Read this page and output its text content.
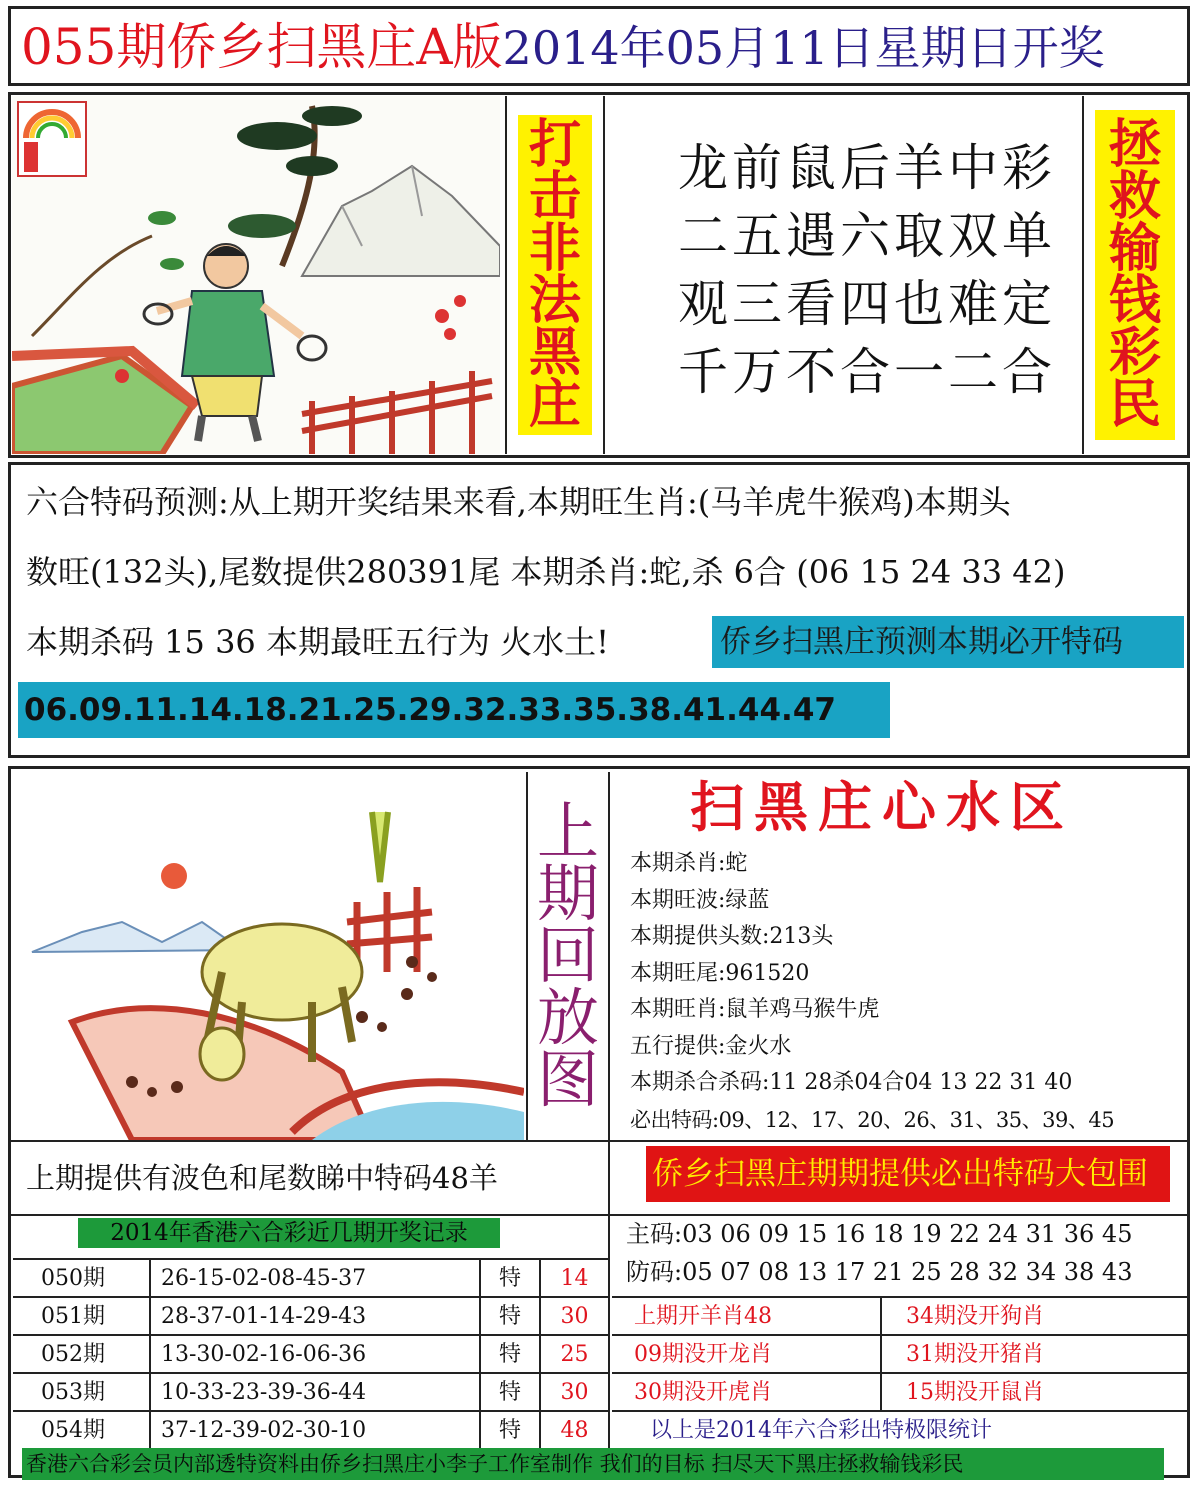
055期侨乡扫黑庄A版2014年05月11日星期日开奖
打
击
非
法
黑
庄
龙前鼠后羊中彩
二五遇六取双单
观三看四也难定
千万不合一二合
拯
救
输
钱
彩
民
六合特码预测:从上期开奖结果来看,本期旺生肖:(马羊虎牛猴鸡)本期头
数旺(132头),尾数提供280391尾 本期杀肖:蛇,杀 6合 (06 15 24 33 42)
本期杀码 15 36 本期最旺五行为 火水土!	侨乡扫黑庄预测本期必开特码
06.09.11.14.18.21.25.29.32.33.35.38.41.44.47
上
期
回
放
图
扫黑庄心水区
本期杀肖:蛇
本期旺波:绿蓝
本期提供头数:213头
本期旺尾:961520
本期旺肖:鼠羊鸡马猴牛虎
五行提供:金火水
本期杀合杀码:11 28杀04合04 13 22 31 40
必出特码:09、12、17、20、26、31、35、39、45
上期提供有波色和尾数睇中特码48羊	侨乡扫黑庄期期提供必出特码大包围
2014年香港六合彩近几期开奖记录
050期	26-15-02-08-45-37	特	14
051期	28-37-01-14-29-43	特	30
052期	13-30-02-16-06-36	特	25
053期	10-33-23-39-36-44	特	30
054期	37-12-39-02-30-10	特	48
主码:03 06 09 15 16 18 19 22 24 31 36 45
防码:05 07 08 13 17 21 25 28 32 34 38 43
上期开羊肖48	34期没开狗肖
09期没开龙肖	31期没开猪肖
30期没开虎肖	15期没开鼠肖
以上是2014年六合彩出特极限统计
香港六合彩会员内部透特资料由侨乡扫黑庄小李子工作室制作 我们的目标 扫尽天下黑庄拯救输钱彩民
